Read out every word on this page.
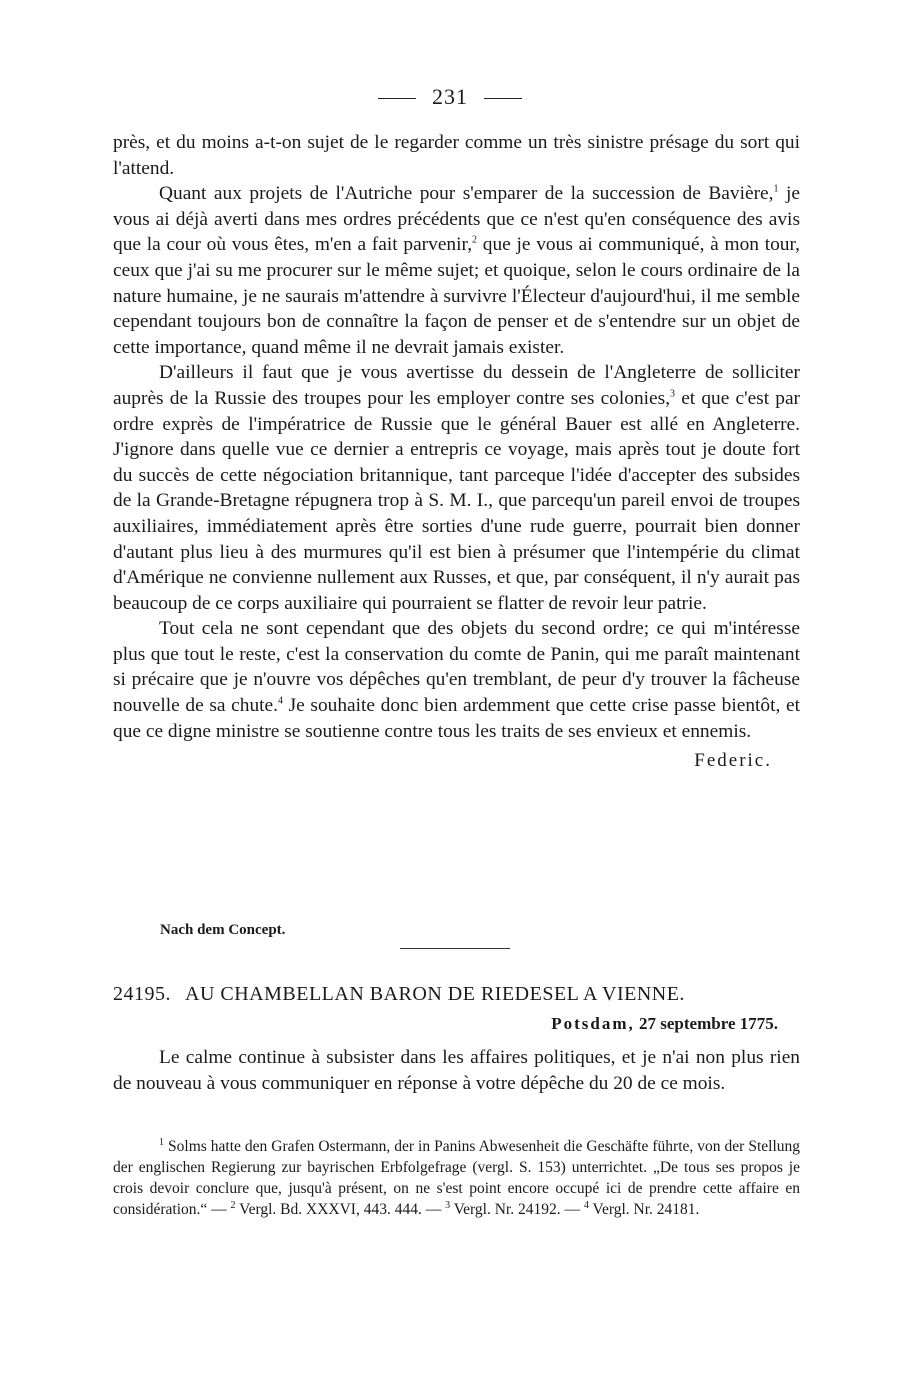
231

près, et du moins a-t-on sujet de le regarder comme un très sinistre présage du sort qui l'attend.

Quant aux projets de l'Autriche pour s'emparer de la succession de Bavière,$^1$ je vous ai déjà averti dans mes ordres précédents que ce n'est qu'en conséquence des avis que la cour où vous êtes, m'en a fait parvenir,$^2$ que je vous ai communiqué, à mon tour, ceux que j'ai su me procurer sur le même sujet; et quoique, selon le cours ordinaire de la nature humaine, je ne saurais m'attendre à survivre l'Électeur d'aujourd'hui, il me semble cependant toujours bon de connaître la façon de penser et de s'entendre sur un objet de cette importance, quand même il ne devrait jamais exister.

D'ailleurs il faut que je vous avertisse du dessein de l'Angleterre de solliciter auprès de la Russie des troupes pour les employer contre ses colonies,$^3$ et que c'est par ordre exprès de l'impératrice de Russie que le général Bauer est allé en Angleterre. J'ignore dans quelle vue ce dernier a entrepris ce voyage, mais après tout je doute fort du succès de cette négociation britannique, tant parceque l'idée d'accepter des subsides de la Grande-Bretagne répugnera trop à S. M. I., que parcequ'un pareil envoi de troupes auxiliaires, immédiatement après être sorties d'une rude guerre, pourrait bien donner d'autant plus lieu à des murmures qu'il est bien à présumer que l'intempérie du climat d'Amérique ne convienne nullement aux Russes, et que, par conséquent, il n'y aurait pas beaucoup de ce corps auxiliaire qui pourraient se flatter de revoir leur patrie.

Tout cela ne sont cependant que des objets du second ordre; ce qui m'intéresse plus que tout le reste, c'est la conservation du comte de Panin, qui me paraît maintenant si précaire que je n'ouvre vos dépêches qu'en tremblant, de peur d'y trouver la fâcheuse nouvelle de sa chute.$^4$ Je souhaite donc bien ardemment que cette crise passe bientôt, et que ce digne ministre se soutienne contre tous les traits de ses envieux et ennemis.

Federic.
Nach dem Concept.
24195. AU CHAMBELLAN BARON DE RIEDESEL A VIENNE.
Potsdam, 27 septembre 1775.

Le calme continue à subsister dans les affaires politiques, et je n'ai non plus rien de nouveau à vous communiquer en réponse à votre dépêche du 20 de ce mois.

$^1$ Solms hatte den Grafen Ostermann, der in Panins Abwesenheit die Geschäfte führte, von der Stellung der englischen Regierung zur bayrischen Erbfolgefrage (vergl. S. 153) unterrichtet. „De tous ses propos je crois devoir conclure que, jusqu'à présent, on ne s'est point encore occupé ici de prendre cette affaire en considération.“ — $^2$ Vergl. Bd. XXXVI, 443. 444. — $^3$ Vergl. Nr. 24192. — $^4$ Vergl. Nr. 24181.
